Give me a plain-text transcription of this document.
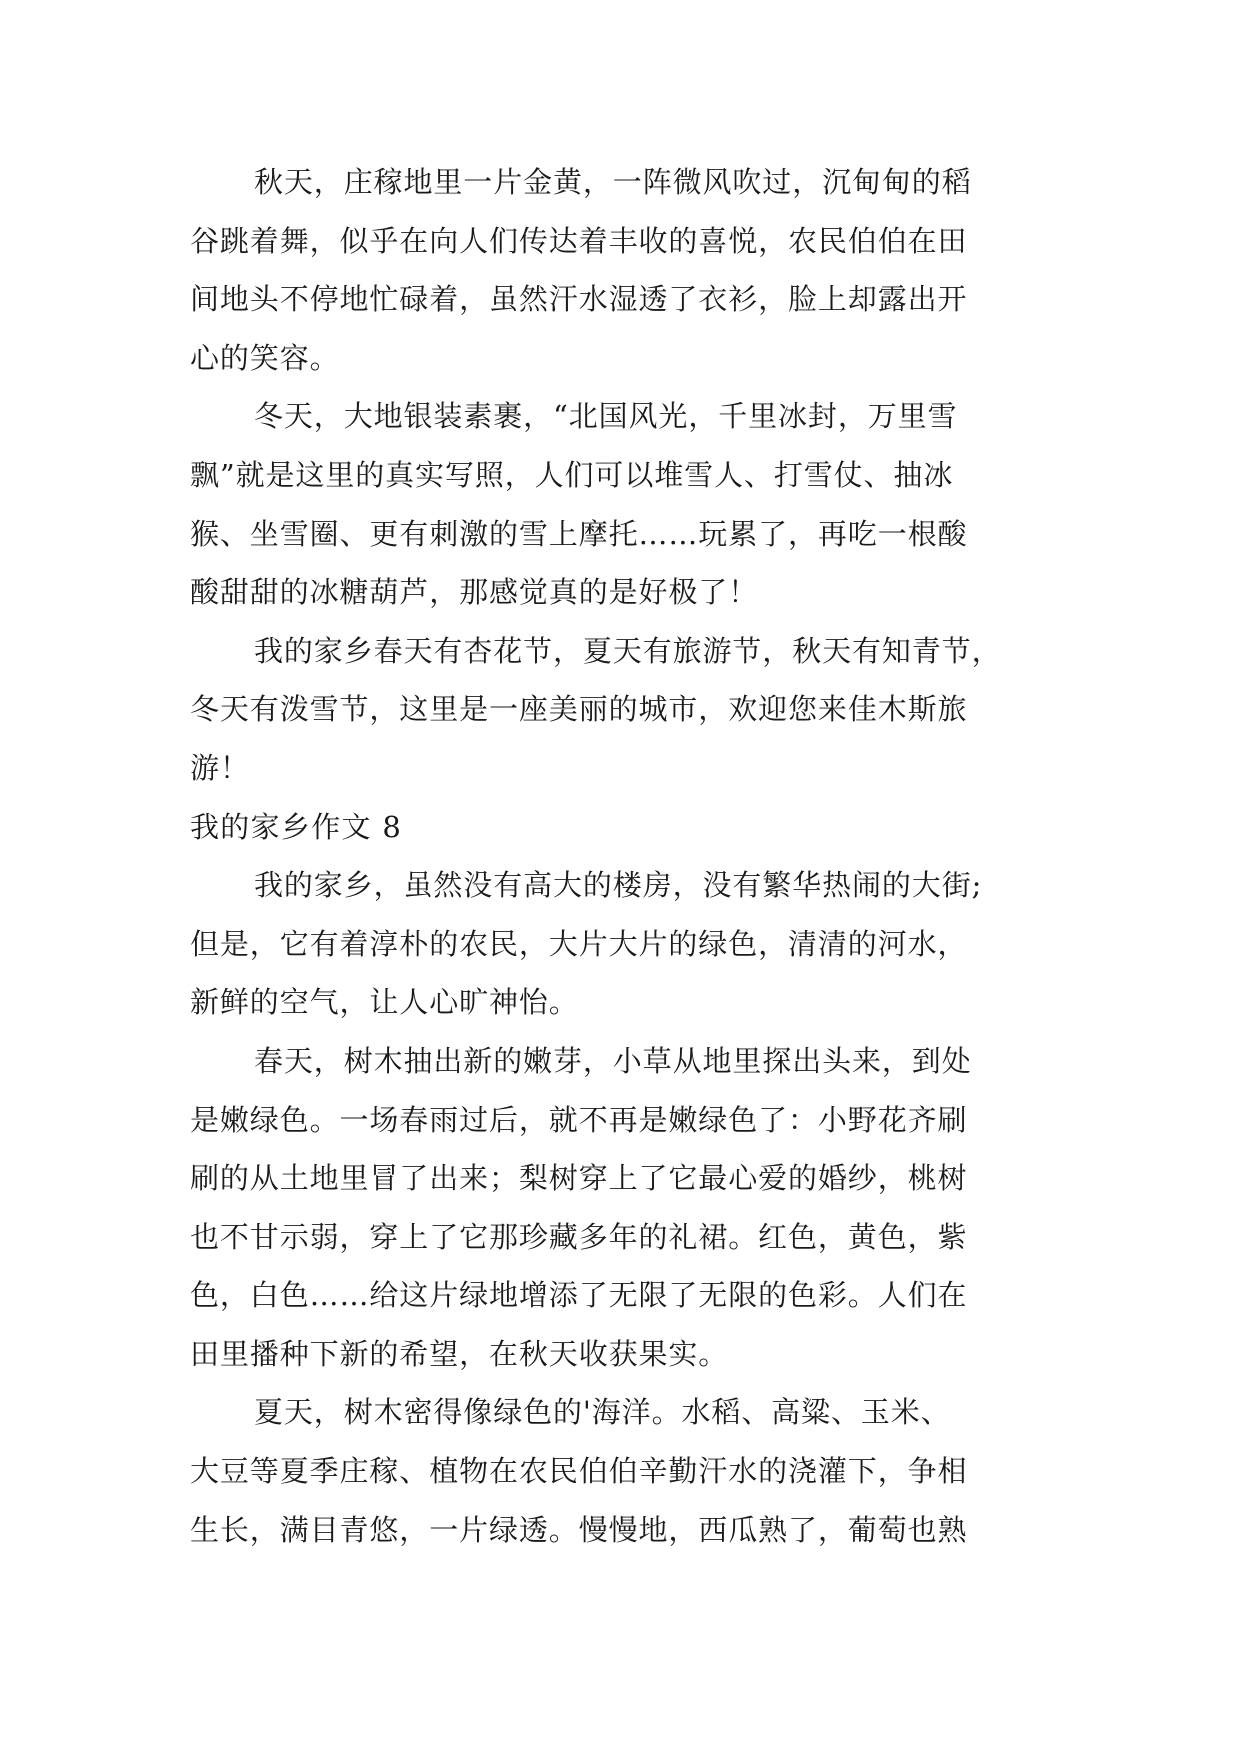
秋天，庄稼地里一片金黄，一阵微风吹过，沉甸甸的稻
谷跳着舞，似乎在向人们传达着丰收的喜悦，农民伯伯在田
间地头不停地忙碌着，虽然汗水湿透了衣衫，脸上却露出开
心的笑容。
冬天，大地银装素裹，“北国风光，千里冰封，万里雪
飘”就是这里的真实写照，人们可以堆雪人、打雪仗、抽冰
猴、坐雪圈、更有刺激的雪上摩托……玩累了，再吃一根酸
酸甜甜的冰糖葫芦，那感觉真的是好极了！
我的家乡春天有杏花节，夏天有旅游节，秋天有知青节，
冬天有泼雪节，这里是一座美丽的城市，欢迎您来佳木斯旅
游！
我的家乡作文 8
我的家乡，虽然没有高大的楼房，没有繁华热闹的大街;
但是，它有着淳朴的农民，大片大片的绿色，清清的河水，
新鲜的空气，让人心旷神怡。
春天，树木抽出新的嫩芽，小草从地里探出头来，到处
是嫩绿色。一场春雨过后，就不再是嫩绿色了：小野花齐刷
刷的从土地里冒了出来；梨树穿上了它最心爱的婚纱，桃树
也不甘示弱，穿上了它那珍藏多年的礼裙。红色，黄色，紫
色，白色……给这片绿地增添了无限了无限的色彩。人们在
田里播种下新的希望，在秋天收获果实。
夏天，树木密得像绿色的'海洋。水稻、高粱、玉米、
大豆等夏季庄稼、植物在农民伯伯辛勤汗水的浇灌下，争相
生长，满目青悠，一片绿透。慢慢地，西瓜熟了，葡萄也熟
